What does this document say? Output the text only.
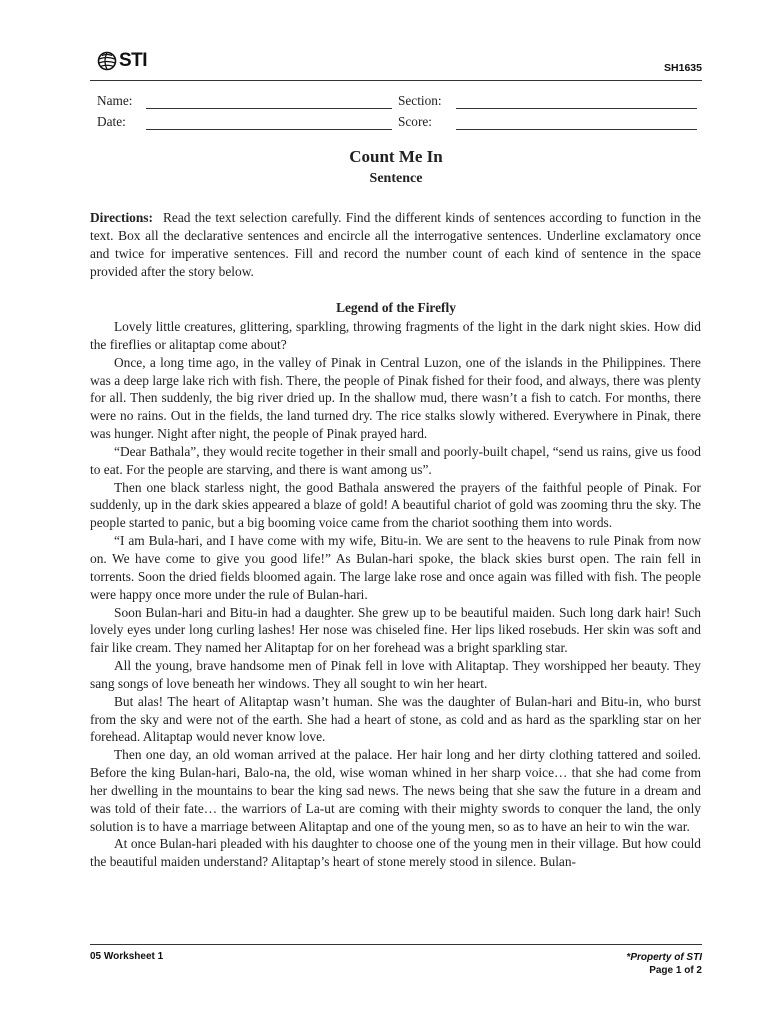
STI	SH1635
Name:	Section:
Date:	Score:
Count Me In
Sentence
Directions: Read the text selection carefully. Find the different kinds of sentences according to function in the text. Box all the declarative sentences and encircle all the interrogative sentences. Underline exclamatory once and twice for imperative sentences. Fill and record the number count of each kind of sentence in the space provided after the story below.
Legend of the Firefly

Lovely little creatures, glittering, sparkling, throwing fragments of the light in the dark night skies. How did the fireflies or alitaptap come about?

Once, a long time ago, in the valley of Pinak in Central Luzon, one of the islands in the Philippines. There was a deep large lake rich with fish. There, the people of Pinak fished for their food, and always, there was plenty for all. Then suddenly, the big river dried up. In the shallow mud, there wasn’t a fish to catch. For months, there were no rains. Out in the fields, the land turned dry. The rice stalks slowly withered. Everywhere in Pinak, there was hunger. Night after night, the people of Pinak prayed hard.

“Dear Bathala”, they would recite together in their small and poorly-built chapel, “send us rains, give us food to eat. For the people are starving, and there is want among us”.

Then one black starless night, the good Bathala answered the prayers of the faithful people of Pinak. For suddenly, up in the dark skies appeared a blaze of gold! A beautiful chariot of gold was zooming thru the sky. The people started to panic, but a big booming voice came from the chariot soothing them into words.

“I am Bula-hari, and I have come with my wife, Bitu-in. We are sent to the heavens to rule Pinak from now on. We have come to give you good life!” As Bulan-hari spoke, the black skies burst open. The rain fell in torrents. Soon the dried fields bloomed again. The large lake rose and once again was filled with fish. The people were happy once more under the rule of Bulan-hari.

Soon Bulan-hari and Bitu-in had a daughter. She grew up to be beautiful maiden. Such long dark hair! Such lovely eyes under long curling lashes! Her nose was chiseled fine. Her lips liked rosebuds. Her skin was soft and fair like cream. They named her Alitaptap for on her forehead was a bright sparkling star.

All the young, brave handsome men of Pinak fell in love with Alitaptap. They worshipped her beauty. They sang songs of love beneath her windows. They all sought to win her heart.

But alas! The heart of Alitaptap wasn’t human. She was the daughter of Bulan-hari and Bitu-in, who burst from the sky and were not of the earth. She had a heart of stone, as cold and as hard as the sparkling star on her forehead. Alitaptap would never know love.

Then one day, an old woman arrived at the palace. Her hair long and her dirty clothing tattered and soiled. Before the king Bulan-hari, Balo-na, the old, wise woman whined in her sharp voice… that she had come from her dwelling in the mountains to bear the king sad news. The news being that she saw the future in a dream and was told of their fate… the warriors of La-ut are coming with their mighty swords to conquer the land, the only solution is to have a marriage between Alitaptap and one of the young men, so as to have an heir to win the war.

At once Bulan-hari pleaded with his daughter to choose one of the young men in their village. But how could the beautiful maiden understand? Alitaptap’s heart of stone merely stood in silence. Bulan-

05 Worksheet 1	*Property of STI
Page 1 of 2
